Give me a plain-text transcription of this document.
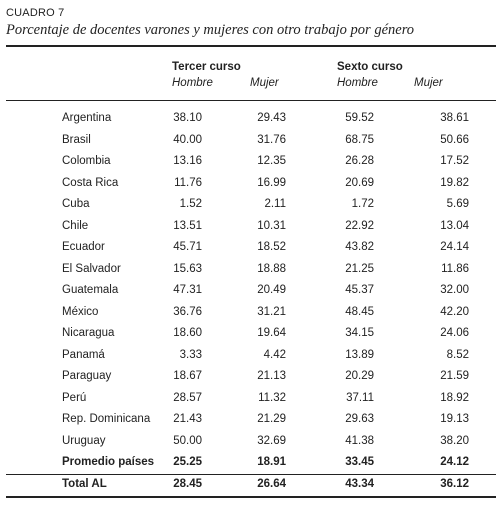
CUADRO 7
Porcentaje de docentes varones y mujeres con otro trabajo por género
Tercer curso	Sexto curso
Hombre	Mujer	Hombre	Mujer
Argentina	38.10	29.43	59.52	38.61
Brasil	40.00	31.76	68.75	50.66
Colombia	13.16	12.35	26.28	17.52
Costa Rica	11.76	16.99	20.69	19.82
Cuba	1.52	2.11	1.72	5.69
Chile	13.51	10.31	22.92	13.04
Ecuador	45.71	18.52	43.82	24.14
El Salvador	15.63	18.88	21.25	11.86
Guatemala	47.31	20.49	45.37	32.00
México	36.76	31.21	48.45	42.20
Nicaragua	18.60	19.64	34.15	24.06
Panamá	3.33	4.42	13.89	8.52
Paraguay	18.67	21.13	20.29	21.59
Perú	28.57	11.32	37.11	18.92
Rep. Dominicana 21.43	21.29	29.63	19.13
Uruguay	50.00	32.69	41.38	38.20
Promedio países 25.25	18.91	33.45	24.12
Total AL	28.45	26.64	43.34	36.12
